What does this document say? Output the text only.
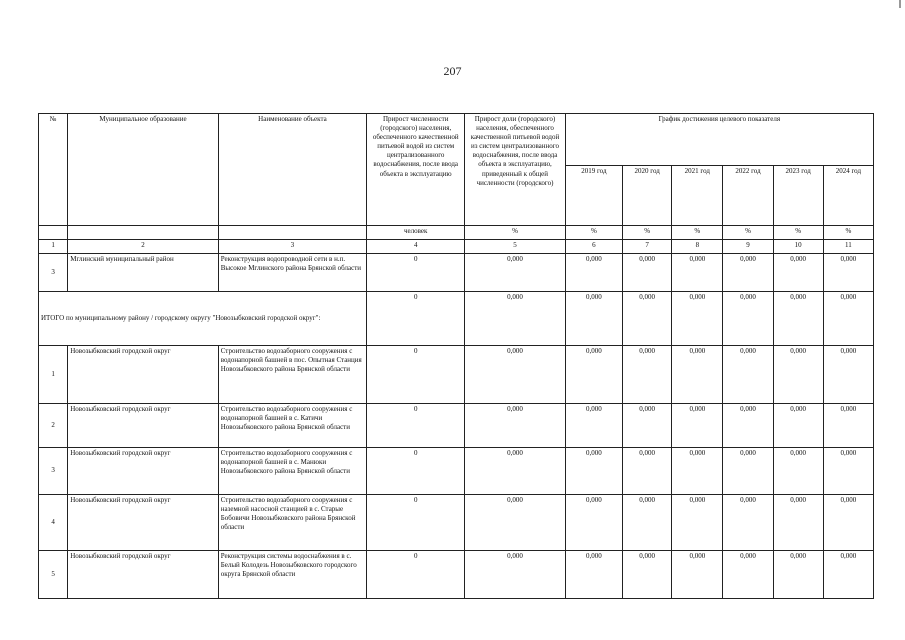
207
№	Муниципальное образование	Наименование объекта	Прирост численности (городского) населения, обеспеченного качественной питьевой водой из систем централизованного водоснабжения, после ввода объекта в эксплуатацию	Прирост доли (городского) населения, обеспеченного качественной питьевой водой из систем централизованного водоснабжения, после ввода объекта в эксплуатацию, приведенный к общей численности (городского)	График достижения целевого показателя					
					2019 год	2020 год	2021 год	2022 год	2023 год	2024 год
			человек	%	%	%	%	%	%	%
1	2	3	4	5	6	7	8	9	10	11
3	Мглинский муниципальный район	Реконструкция водопроводной сети в н.п. Высокое Мглинского района Брянской области	0	0,000	0,000	0,000	0,000	0,000	0,000	0,000
ИТОГО по муниципальному району / городскому округу "Новозыбковский городской округ":			0	0,000	0,000	0,000	0,000	0,000	0,000	0,000
1	Новозыбковский городской округ	Строительство водозаборного сооружения с водонапорной башней в пос. Опытная Станция Новозыбковского района Брянской области	0	0,000	0,000	0,000	0,000	0,000	0,000	0,000
2	Новозыбковский городской округ	Строительство водозаборного сооружения с водонапорной башней в с. Катичи Новозыбковского района Брянской области	0	0,000	0,000	0,000	0,000	0,000	0,000	0,000
3	Новозыбковский городской округ	Строительство водозаборного сооружения с водонапорной башней в с. Манюки Новозыбковского района Брянской области	0	0,000	0,000	0,000	0,000	0,000	0,000	0,000
4	Новозыбковский городской округ	Строительство водозаборного сооружения с наземной насосной станцией в с. Старые Бобовичи Новозыбковского района Брянской области	0	0,000	0,000	0,000	0,000	0,000	0,000	0,000
5	Новозыбковский городской округ	Реконструкция системы водоснабжения в с. Белый Колодезь Новозыбковского городского округа Брянской области	0	0,000	0,000	0,000	0,000	0,000	0,000	0,000
